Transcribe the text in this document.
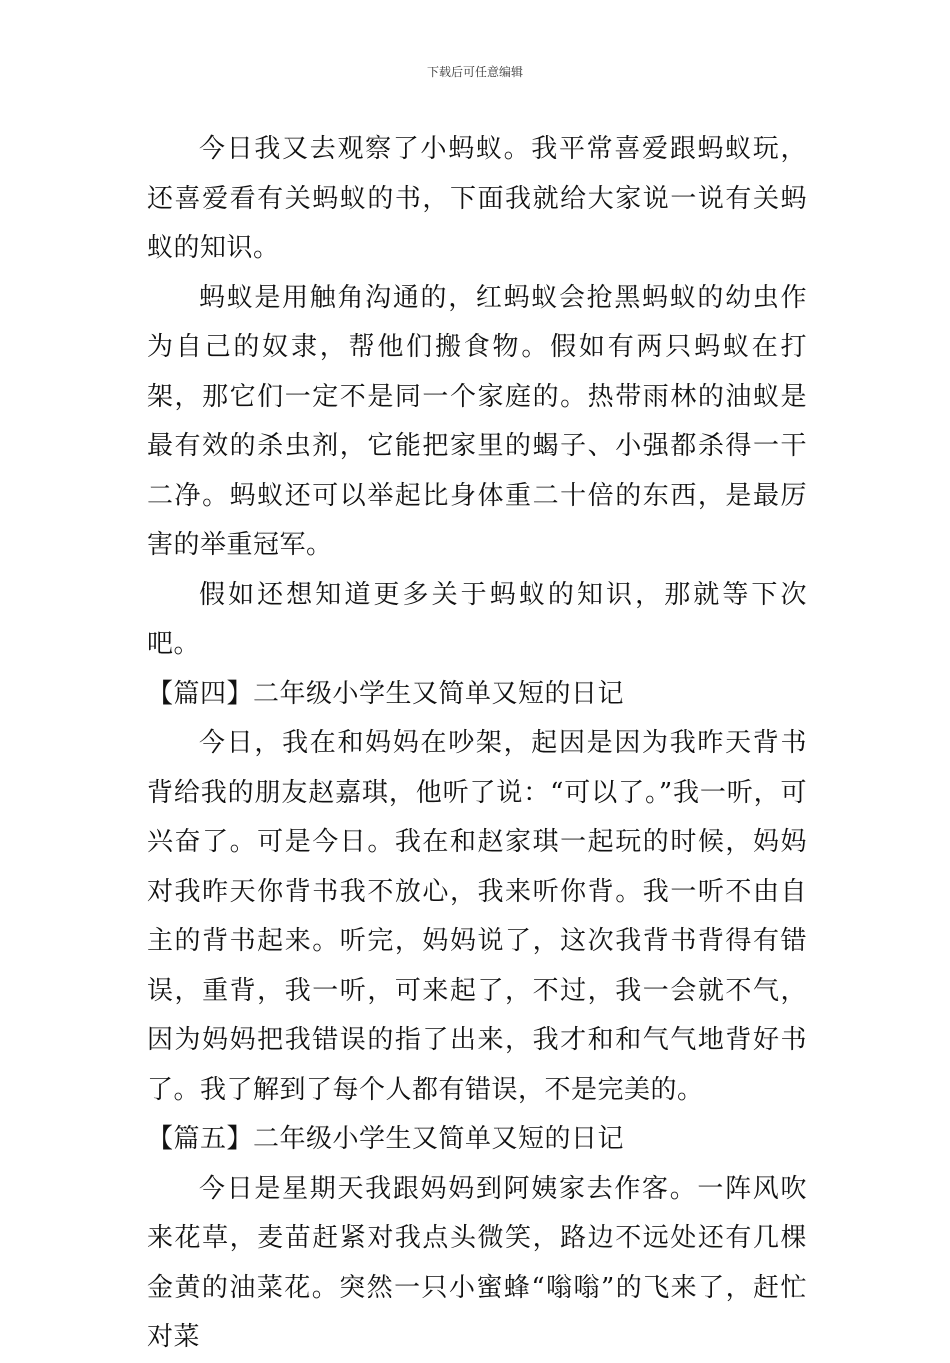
下载后可任意编辑

今日我又去观察了小蚂蚁。我平常喜爱跟蚂蚁玩，还喜爱看有关蚂蚁的书，下面我就给大家说一说有关蚂蚁的知识。

蚂蚁是用触角沟通的，红蚂蚁会抢黑蚂蚁的幼虫作为自己的奴隶，帮他们搬食物。假如有两只蚂蚁在打架，那它们一定不是同一个家庭的。热带雨林的油蚁是最有效的杀虫剂，它能把家里的蝎子、小强都杀得一干二净。蚂蚁还可以举起比身体重二十倍的东西，是最厉害的举重冠军。

假如还想知道更多关于蚂蚁的知识，那就等下次吧。

【篇四】二年级小学生又简单又短的日记

今日，我在和妈妈在吵架，起因是因为我昨天背书背给我的朋友赵嘉琪，他听了说：“可以了。”我一听，可兴奋了。可是今日。我在和赵家琪一起玩的时候，妈妈对我昨天你背书我不放心，我来听你背。我一听不由自主的背书起来。听完，妈妈说了，这次我背书背得有错误，重背，我一听，可来起了，不过，我一会就不气，因为妈妈把我错误的指了出来，我才和和气气地背好书了。我了解到了每个人都有错误，不是完美的。

【篇五】二年级小学生又简单又短的日记

今日是星期天我跟妈妈到阿姨家去作客。一阵风吹来花草，麦苗赶紧对我点头微笑，路边不远处还有几棵金黄的油菜花。突然一只小蜜蜂“嗡嗡”的飞来了，赶忙对菜
